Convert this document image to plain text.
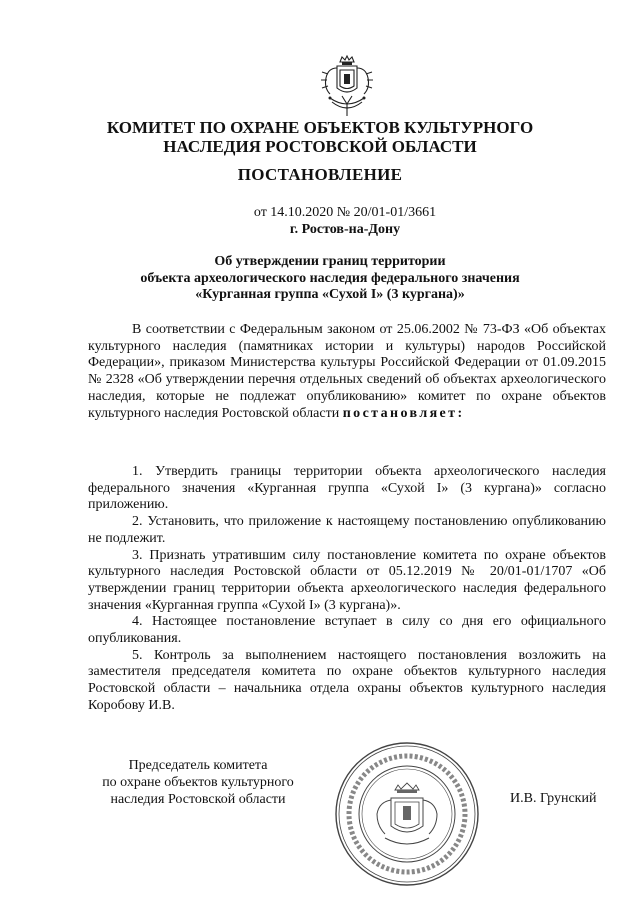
КОМИТЕТ ПО ОХРАНЕ ОБЪЕКТОВ КУЛЬТУРНОГО
НАСЛЕДИЯ РОСТОВСКОЙ ОБЛАСТИ
ПОСТАНОВЛЕНИЕ
от 14.10.2020 № 20/01-01/3661
г. Ростов-на-Дону
Об утверждении границ территории
объекта археологического наследия федерального значения
«Курганная группа «Сухой I» (3 кургана)»

В соответствии с Федеральным законом от 25.06.2002 № 73-ФЗ «Об объектах культурного наследия (памятниках истории и культуры) народов Российской Федерации», приказом Министерства культуры Российской Федерации от 01.09.2015 № 2328 «Об утверждении перечня отдельных сведений об объектах археологического наследия, которые не подлежат опубликованию» комитет по охране объектов культурного наследия Ростовской области постановляет:

1. Утвердить границы территории объекта археологического наследия федерального значения «Курганная группа «Сухой I» (3 кургана)» согласно приложению.

2. Установить, что приложение к настоящему постановлению опубликованию не подлежит.

3. Признать утратившим силу постановление комитета по охране объектов культурного наследия Ростовской области от 05.12.2019 № 20/01-01/1707 «Об утверждении границ территории объекта археологического наследия федерального значения «Курганная группа «Сухой I» (3 кургана)».

4. Настоящее постановление вступает в силу со дня его официального опубликования.

5. Контроль за выполнением настоящего постановления возложить на заместителя председателя комитета по охране объектов культурного наследия Ростовской области – начальника отдела охраны объектов культурного наследия Коробову И.В.

Председатель комитета
по охране объектов культурного
наследия Ростовской области	И.В. Грунский
